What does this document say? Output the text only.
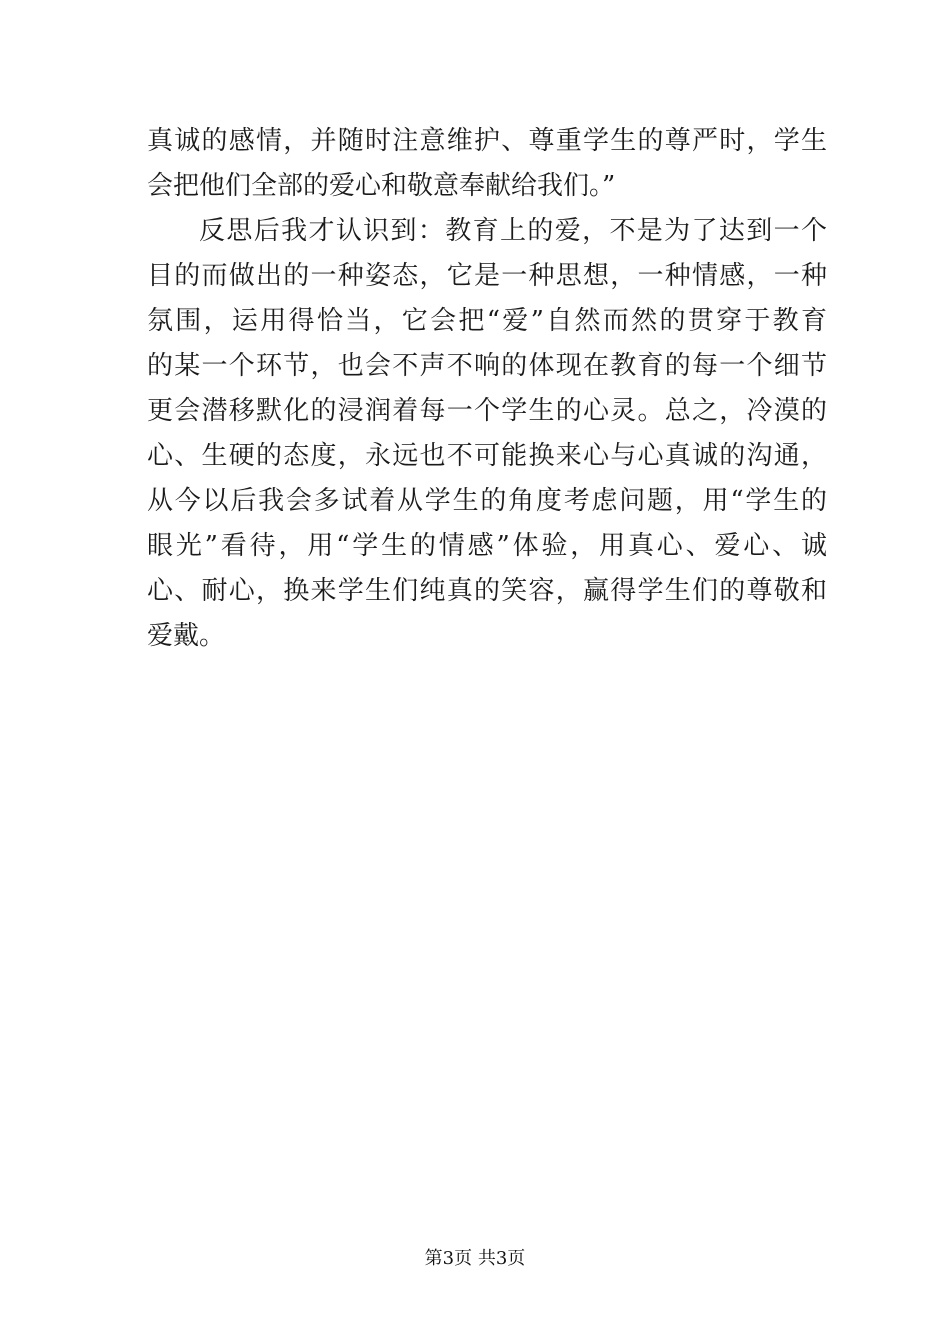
真诚的感情，并随时注意维护、尊重学生的尊严时，学生
会把他们全部的爱心和敬意奉献给我们。”
反思后我才认识到：教育上的爱，不是为了达到一个
目的而做出的一种姿态，它是一种思想，一种情感，一种
氛围，运用得恰当，它会把“爱”自然而然的贯穿于教育
的某一个环节，也会不声不响的体现在教育的每一个细节
更会潜移默化的浸润着每一个学生的心灵。总之，冷漠的
心、生硬的态度，永远也不可能换来心与心真诚的沟通，
从今以后我会多试着从学生的角度考虑问题，用“学生的
眼光”看待，用“学生的情感”体验，用真心、爱心、诚
心、耐心，换来学生们纯真的笑容，赢得学生们的尊敬和
爱戴。
第3页 共3页
